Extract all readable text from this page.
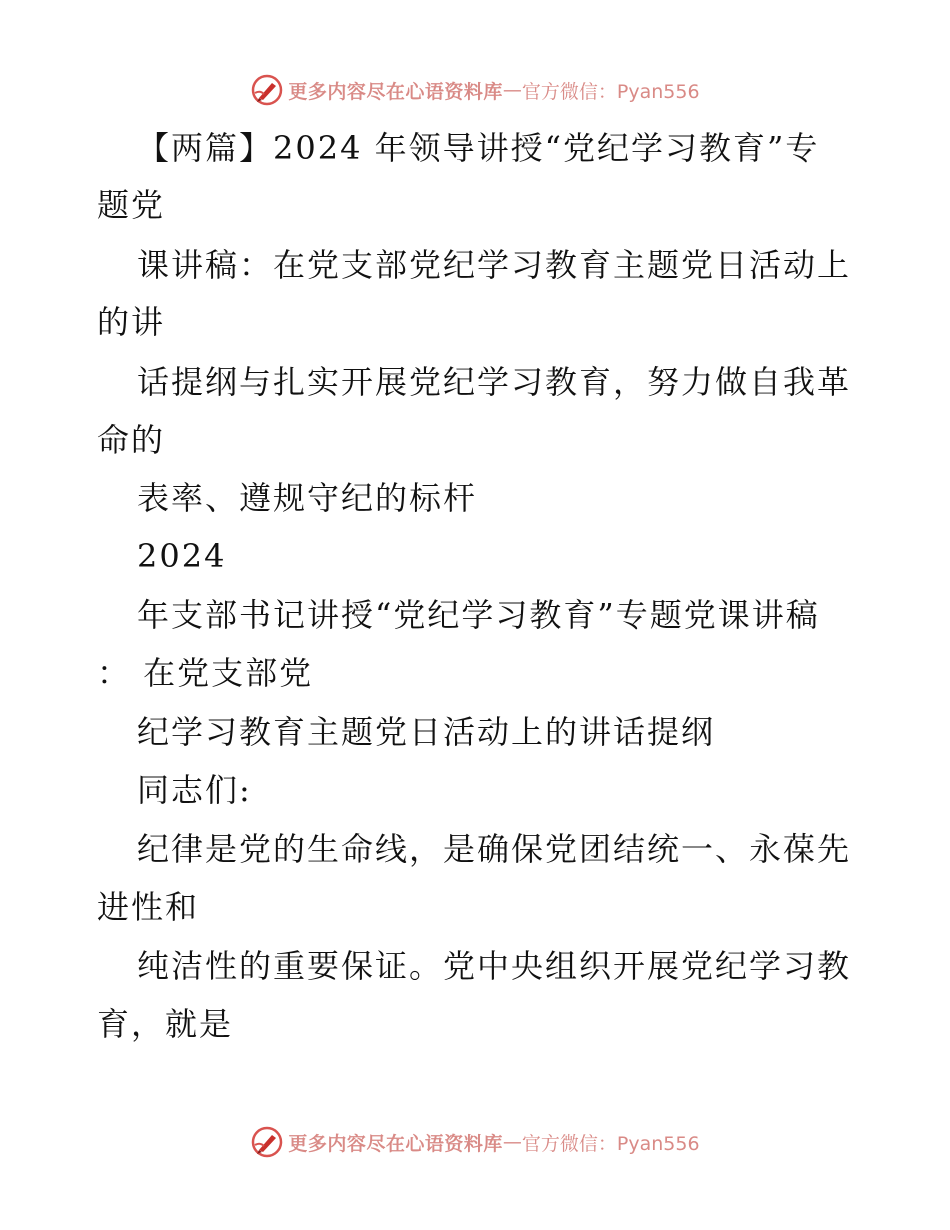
更多内容尽在心语资料库 — 官方微信：Pyan556
【两篇】2024 年领导讲授“党纪学习教育”专
题党
课讲稿：在党支部党纪学习教育主题党日活动上
的讲
话提纲与扎实开展党纪学习教育，努力做自我革
命的
表率、遵规守纪的标杆
2024
年支部书记讲授“党纪学习教育”专题党课讲稿
： 在党支部党
纪学习教育主题党日活动上的讲话提纲
同志们:
纪律是党的生命线，是确保党团结统一、永葆先
进性和
纯洁性的重要保证。党中央组织开展党纪学习教
育，就是
更多内容尽在心语资料库 — 官方微信：Pyan556
